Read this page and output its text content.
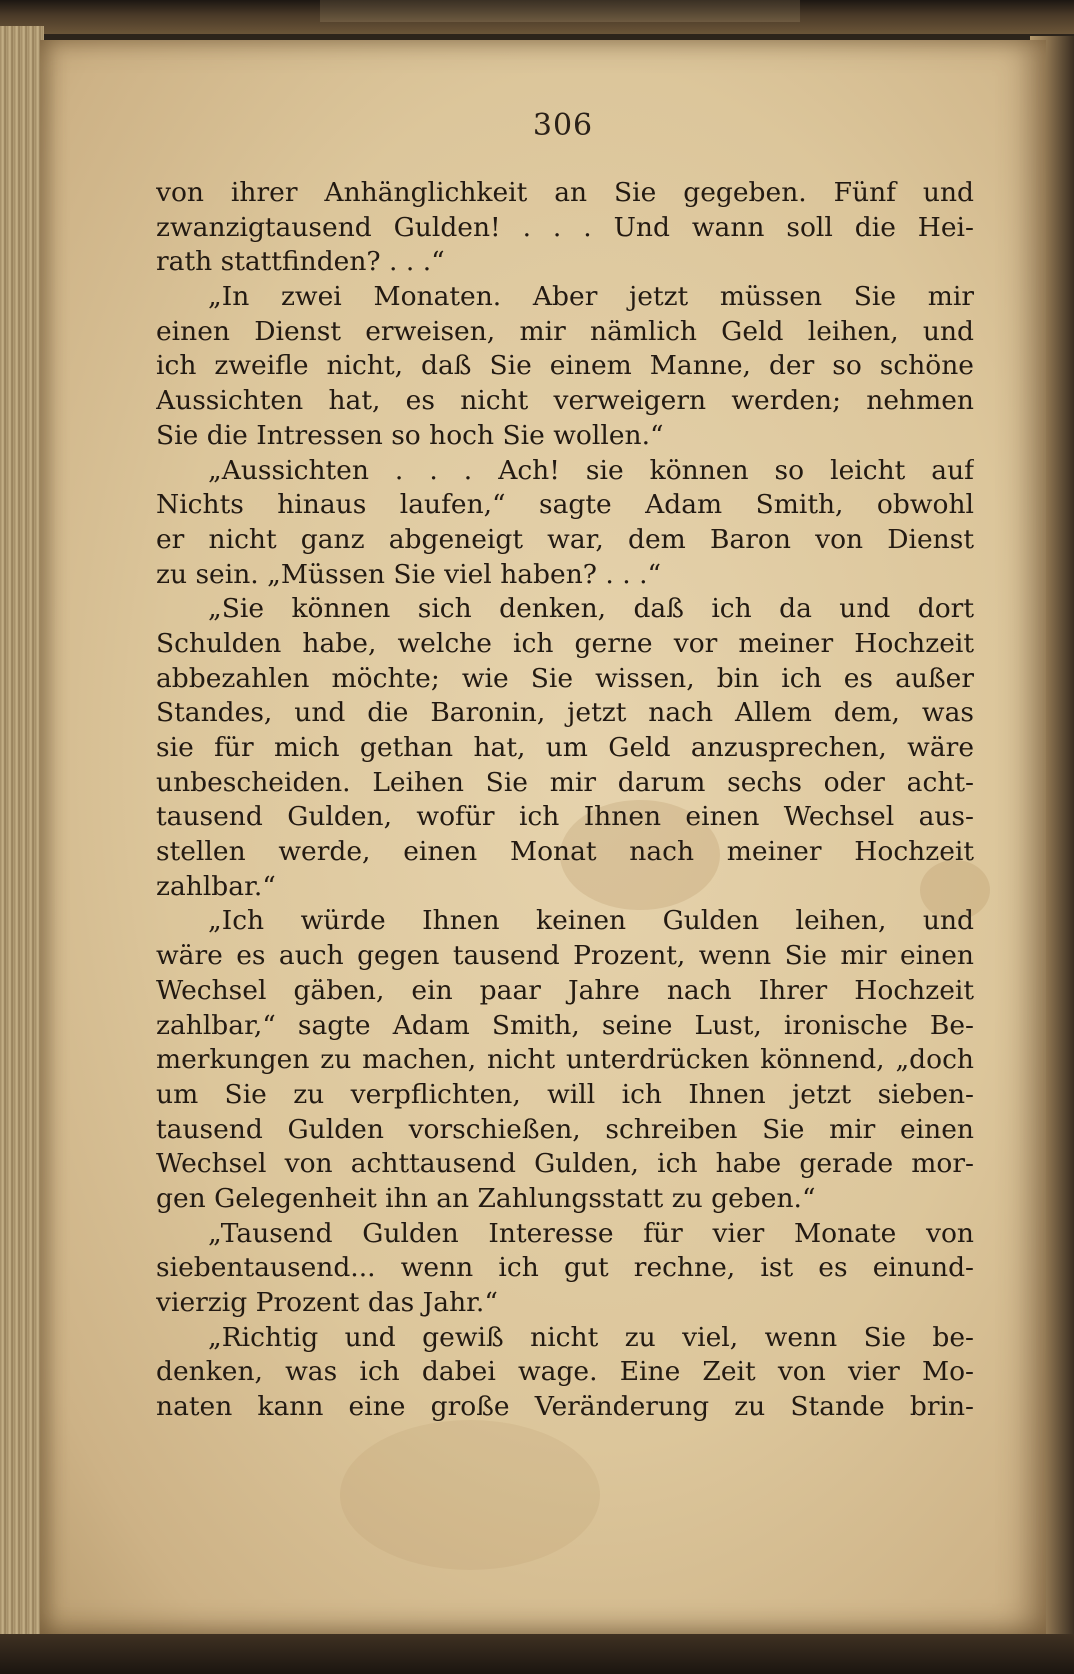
306
von ihrer Anhänglichkeit an Sie gegeben. Fünf und
zwanzigtausend Gulden! . . . Und wann soll die Hei-
rath stattfinden? . . .“
„In zwei Monaten. Aber jetzt müssen Sie mir
einen Dienst erweisen, mir nämlich Geld leihen, und
ich zweifle nicht, daß Sie einem Manne, der so schöne
Aussichten hat, es nicht verweigern werden; nehmen
Sie die Intressen so hoch Sie wollen.“
„Aussichten . . . Ach! sie können so leicht auf
Nichts hinaus laufen,“ sagte Adam Smith, obwohl
er nicht ganz abgeneigt war, dem Baron von Dienst
zu sein. „Müssen Sie viel haben? . . .“
„Sie können sich denken, daß ich da und dort
Schulden habe, welche ich gerne vor meiner Hochzeit
abbezahlen möchte; wie Sie wissen, bin ich es außer
Standes, und die Baronin, jetzt nach Allem dem, was
sie für mich gethan hat, um Geld anzusprechen, wäre
unbescheiden. Leihen Sie mir darum sechs oder acht-
tausend Gulden, wofür ich Ihnen einen Wechsel aus-
stellen werde, einen Monat nach meiner Hochzeit
zahlbar.“
„Ich würde Ihnen keinen Gulden leihen, und
wäre es auch gegen tausend Prozent, wenn Sie mir einen
Wechsel gäben, ein paar Jahre nach Ihrer Hochzeit
zahlbar,“ sagte Adam Smith, seine Lust, ironische Be-
merkungen zu machen, nicht unterdrücken könnend, „doch
um Sie zu verpflichten, will ich Ihnen jetzt sieben-
tausend Gulden vorschießen, schreiben Sie mir einen
Wechsel von achttausend Gulden, ich habe gerade mor-
gen Gelegenheit ihn an Zahlungsstatt zu geben.“
„Tausend Gulden Interesse für vier Monate von
siebentausend... wenn ich gut rechne, ist es einund-
vierzig Prozent das Jahr.“
„Richtig und gewiß nicht zu viel, wenn Sie be-
denken, was ich dabei wage. Eine Zeit von vier Mo-
naten kann eine große Veränderung zu Stande brin-
